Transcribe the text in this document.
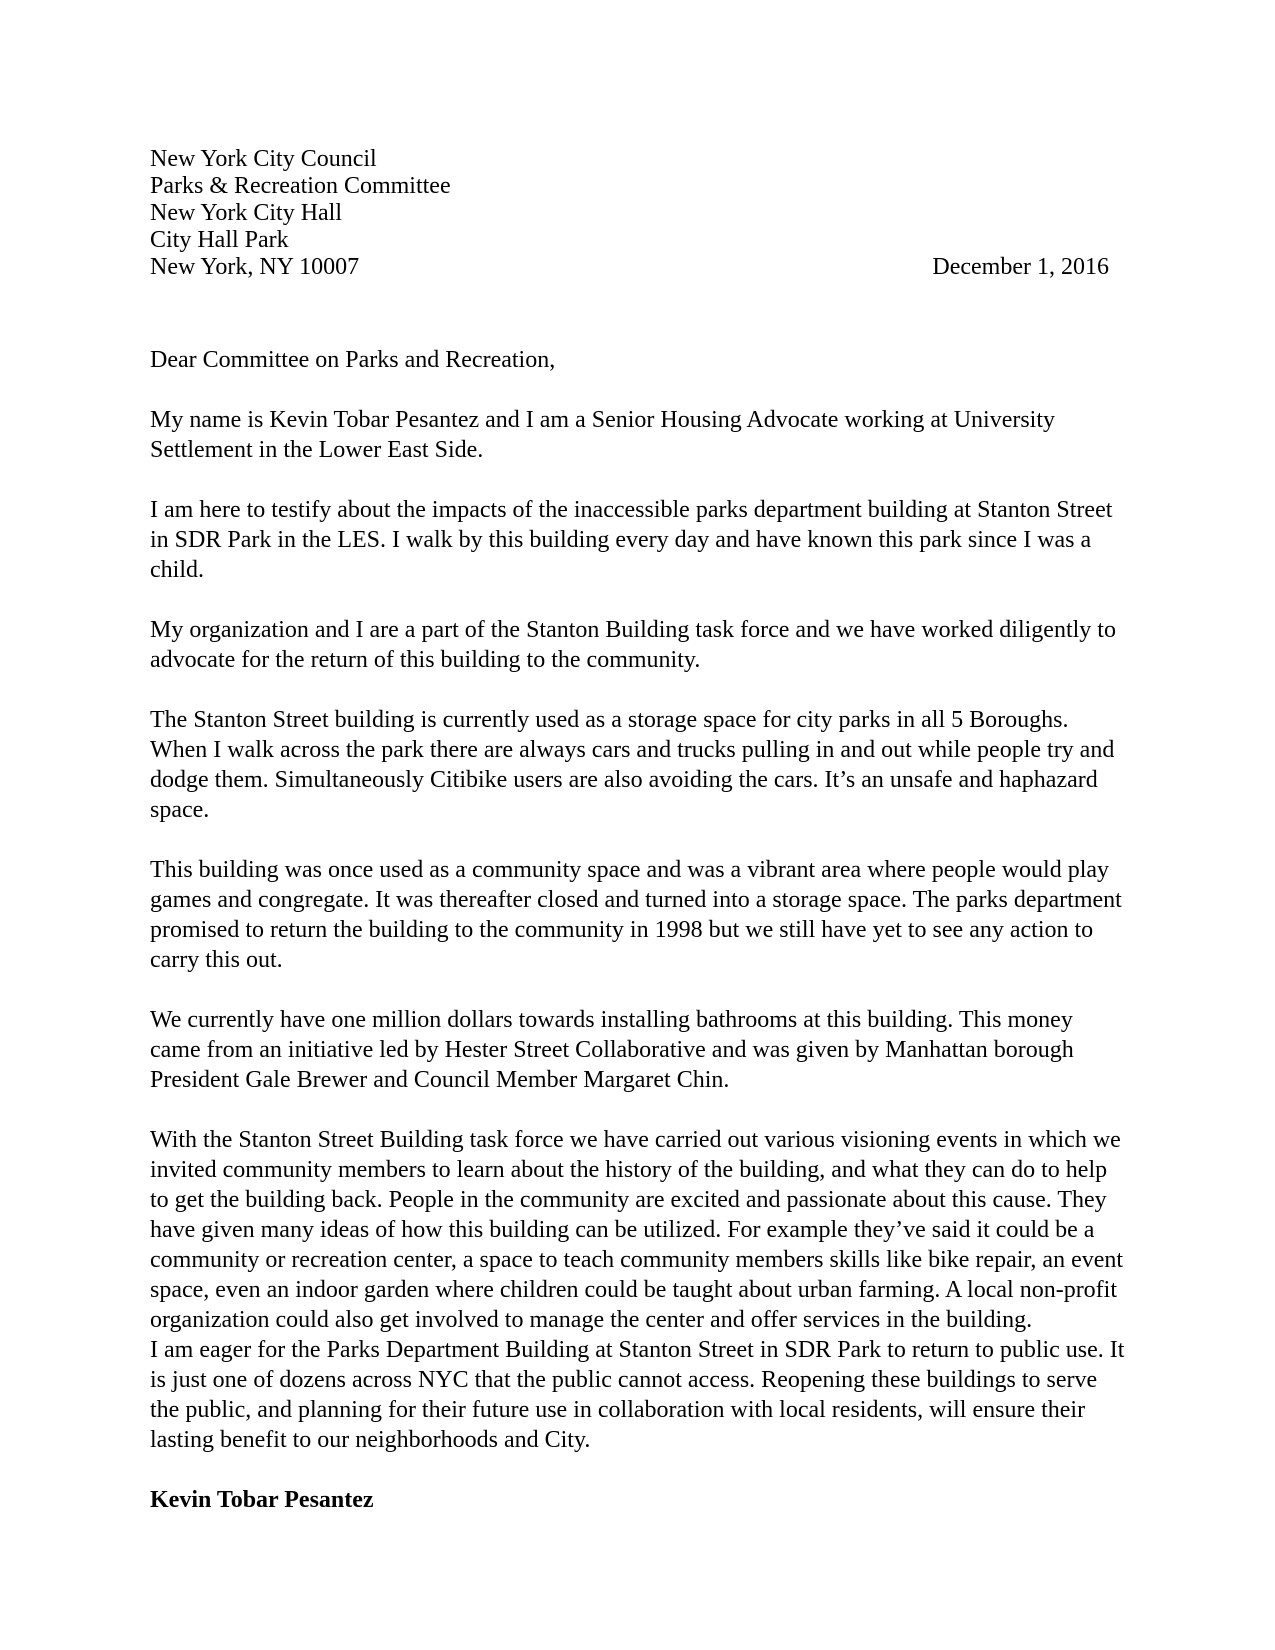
New York City Council
Parks & Recreation Committee
New York City Hall
City Hall Park
New York, NY 10007	December 1, 2016

Dear Committee on Parks and Recreation,

My name is Kevin Tobar Pesantez and I am a Senior Housing Advocate working at University Settlement in the Lower East Side.

I am here to testify about the impacts of the inaccessible parks department building at Stanton Street in SDR Park in the LES. I walk by this building every day and have known this park since I was a child.

My organization and I are a part of the Stanton Building task force and we have worked diligently to advocate for the return of this building to the community.

The Stanton Street building is currently used as a storage space for city parks in all 5 Boroughs. When I walk across the park there are always cars and trucks pulling in and out while people try and dodge them. Simultaneously Citibike users are also avoiding the cars. It’s an unsafe and haphazard space.

This building was once used as a community space and was a vibrant area where people would play games and congregate. It was thereafter closed and turned into a storage space. The parks department promised to return the building to the community in 1998 but we still have yet to see any action to carry this out.

We currently have one million dollars towards installing bathrooms at this building. This money came from an initiative led by Hester Street Collaborative and was given by Manhattan borough President Gale Brewer and Council Member Margaret Chin.

With the Stanton Street Building task force we have carried out various visioning events in which we invited community members to learn about the history of the building, and what they can do to help to get the building back. People in the community are excited and passionate about this cause. They have given many ideas of how this building can be utilized. For example they’ve said it could be a community or recreation center, a space to teach community members skills like bike repair, an event space, even an indoor garden where children could be taught about urban farming. A local non-profit organization could also get involved to manage the center and offer services in the building.

I am eager for the Parks Department Building at Stanton Street in SDR Park to return to public use. It is just one of dozens across NYC that the public cannot access. Reopening these buildings to serve the public, and planning for their future use in collaboration with local residents, will ensure their lasting benefit to our neighborhoods and City.

Kevin Tobar Pesantez
